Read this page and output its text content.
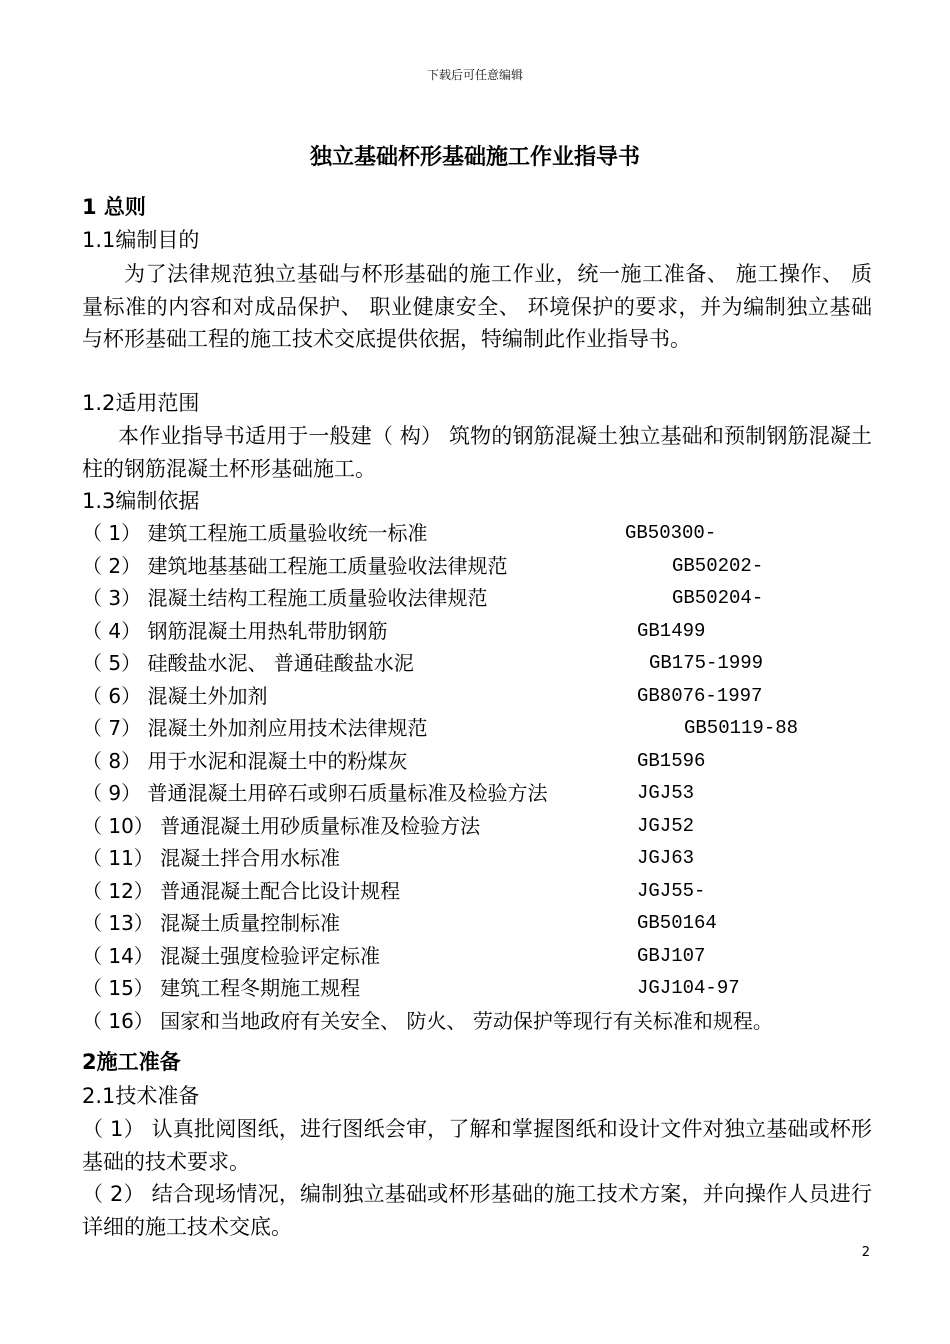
下载后可任意编辑
独立基础杯形基础施工作业指导书
1 总则
1.1编制目的
为了法律规范独立基础与杯形基础的施工作业，统一施工准备、 施工操作、 质量标准的内容和对成品保护、 职业健康安全、 环境保护的要求，并为编制独立基础与杯形基础工程的施工技术交底提供依据，特编制此作业指导书。
1.2适用范围
本作业指导书适用于一般建（ 构） 筑物的钢筋混凝土独立基础和预制钢筋混凝土柱的钢筋混凝土杯形基础施工。
1.3编制依据
（ 1） 建筑工程施工质量验收统一标准	GB50300-
（ 2） 建筑地基基础工程施工质量验收法律规范	GB50202-
（ 3） 混凝土结构工程施工质量验收法律规范	GB50204-
（ 4） 钢筋混凝土用热轧带肋钢筋	GB1499
（ 5） 硅酸盐水泥、 普通硅酸盐水泥	GB175-1999
（ 6） 混凝土外加剂	GB8076-1997
（ 7） 混凝土外加剂应用技术法律规范	GB50119-88
（ 8） 用于水泥和混凝土中的粉煤灰	GB1596
（ 9） 普通混凝土用碎石或卵石质量标准及检验方法	JGJ53
（ 10） 普通混凝土用砂质量标准及检验方法	JGJ52
（ 11） 混凝土拌合用水标准	JGJ63
（ 12） 普通混凝土配合比设计规程	JGJ55-
（ 13） 混凝土质量控制标准	GB50164
（ 14） 混凝土强度检验评定标准	GBJ107
（ 15） 建筑工程冬期施工规程	JGJ104-97
（ 16） 国家和当地政府有关安全、 防火、 劳动保护等现行有关标准和规程。
2施工准备
2.1技术准备
（ 1） 认真批阅图纸，进行图纸会审，了解和掌握图纸和设计文件对独立基础或杯形基础的技术要求。
（ 2） 结合现场情况，编制独立基础或杯形基础的施工技术方案，并向操作人员进行详细的施工技术交底。
2
